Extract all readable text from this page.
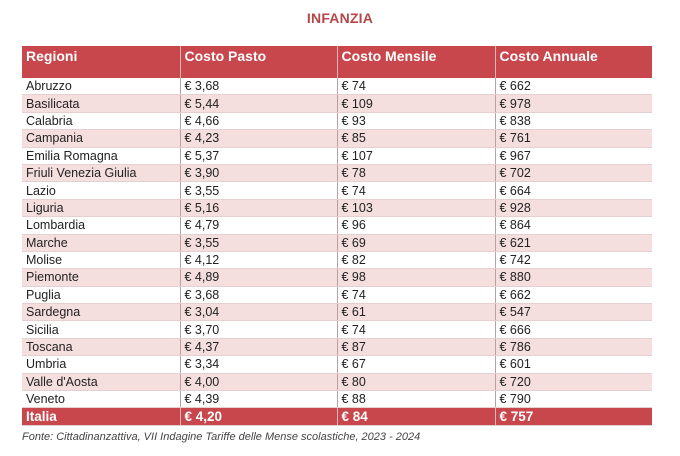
INFANZIA
Regioni	Costo Pasto	Costo Mensile	Costo Annuale
Abruzzo	€ 3,68	€ 74	€ 662
Basilicata	€ 5,44	€ 109	€ 978
Calabria	€ 4,66	€ 93	€ 838
Campania	€ 4,23	€ 85	€ 761
Emilia Romagna	€ 5,37	€ 107	€ 967
Friuli Venezia Giulia	€ 3,90	€ 78	€ 702
Lazio	€ 3,55	€ 74	€ 664
Liguria	€ 5,16	€ 103	€ 928
Lombardia	€ 4,79	€ 96	€ 864
Marche	€ 3,55	€ 69	€ 621
Molise	€ 4,12	€ 82	€ 742
Piemonte	€ 4,89	€ 98	€ 880
Puglia	€ 3,68	€ 74	€ 662
Sardegna	€ 3,04	€ 61	€ 547
Sicilia	€ 3,70	€ 74	€ 666
Toscana	€ 4,37	€ 87	€ 786
Umbria	€ 3,34	€ 67	€ 601
Valle d'Aosta	€ 4,00	€ 80	€ 720
Veneto	€ 4,39	€ 88	€ 790
Italia	€ 4,20	€ 84	€ 757
Fonte: Cittadinanzattiva, VII Indagine Tariffe delle Mense scolastiche, 2023 - 2024
